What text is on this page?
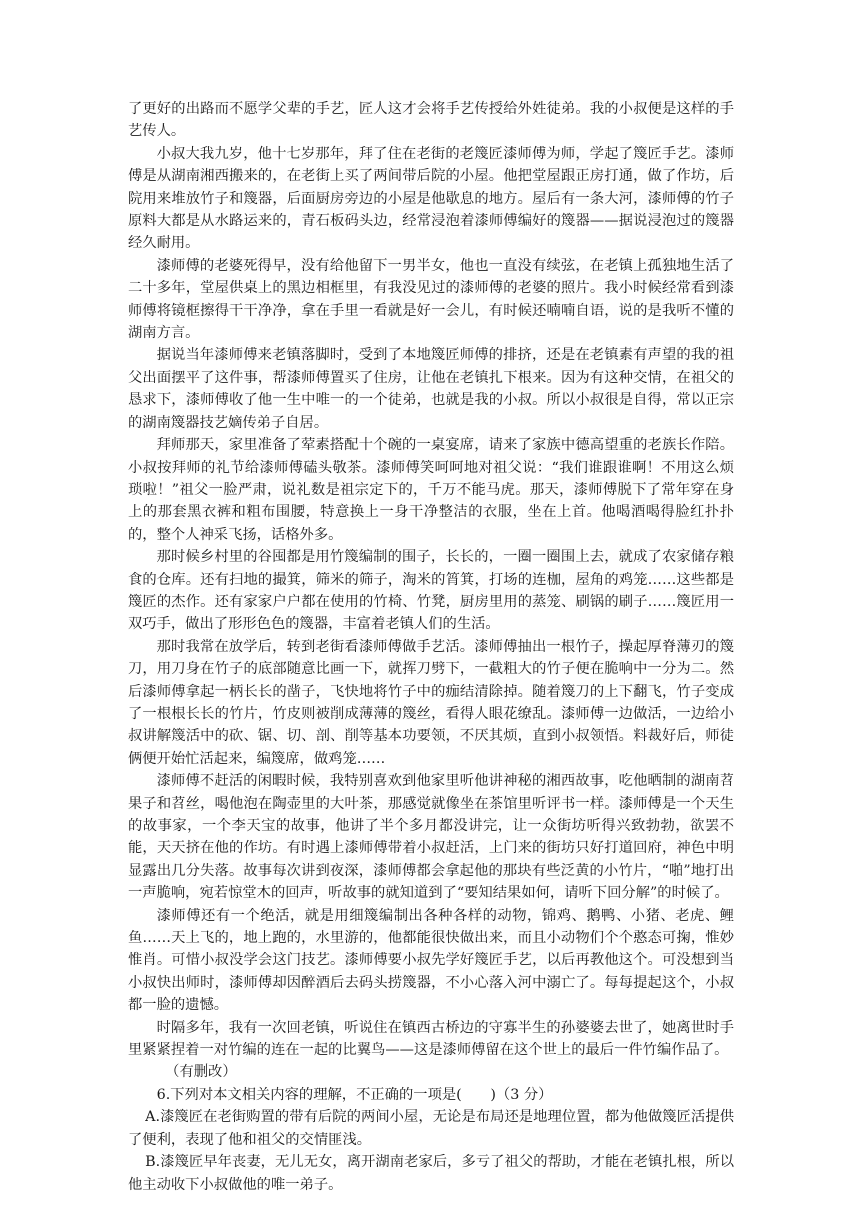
了更好的出路而不愿学父辈的手艺，匠人这才会将手艺传授给外姓徒弟。我的小叔便是这样的手艺传人。

小叔大我九岁，他十七岁那年，拜了住在老街的老篾匠漆师傅为师，学起了篾匠手艺。漆师傅是从湖南湘西搬来的，在老街上买了两间带后院的小屋。他把堂屋跟正房打通，做了作坊，后院用来堆放竹子和篾器，后面厨房旁边的小屋是他歇息的地方。屋后有一条大河，漆师傅的竹子原料大都是从水路运来的，青石板码头边，经常浸泡着漆师傅编好的篾器——据说浸泡过的篾器经久耐用。

漆师傅的老婆死得早，没有给他留下一男半女，他也一直没有续弦，在老镇上孤独地生活了二十多年，堂屋供桌上的黑边相框里，有我没见过的漆师傅的老婆的照片。我小时候经常看到漆师傅将镜框擦得干干净净，拿在手里一看就是好一会儿，有时候还喃喃自语，说的是我听不懂的湖南方言。

据说当年漆师傅来老镇落脚时，受到了本地篾匠师傅的排挤，还是在老镇素有声望的我的祖父出面摆平了这件事，帮漆师傅置买了住房，让他在老镇扎下根来。因为有这种交情，在祖父的恳求下，漆师傅收了他一生中唯一的一个徒弟，也就是我的小叔。所以小叔很是自得，常以正宗的湖南篾器技艺嫡传弟子自居。

拜师那天，家里准备了荤素搭配十个碗的一桌宴席，请来了家族中德高望重的老族长作陪。小叔按拜师的礼节给漆师傅磕头敬茶。漆师傅笑呵呵地对祖父说：“我们谁跟谁啊！不用这么烦琐啦！”祖父一脸严肃，说礼数是祖宗定下的，千万不能马虎。那天，漆师傅脱下了常年穿在身上的那套黑衣裤和粗布围腰，特意换上一身干净整洁的衣服，坐在上首。他喝酒喝得脸红扑扑的，整个人神采飞扬，话格外多。

那时候乡村里的谷囤都是用竹篾编制的围子，长长的，一圈一圈围上去，就成了农家储存粮食的仓库。还有扫地的撮箕，筛米的筛子，淘米的筲箕，打场的连枷，屋角的鸡笼……这些都是篾匠的杰作。还有家家户户都在使用的竹椅、竹凳，厨房里用的蒸笼、刷锅的刷子……篾匠用一双巧手，做出了形形色色的篾器，丰富着老镇人们的生活。

那时我常在放学后，转到老街看漆师傅做手艺活。漆师傅抽出一根竹子，操起厚脊薄刃的篾刀，用刀身在竹子的底部随意比画一下，就挥刀劈下，一截粗大的竹子便在脆响中一分为二。然后漆师傅拿起一柄长长的凿子，飞快地将竹子中的痂结清除掉。随着篾刀的上下翻飞，竹子变成了一根根长长的竹片，竹皮则被削成薄薄的篾丝，看得人眼花缭乱。漆师傅一边做活，一边给小叔讲解篾活中的砍、锯、切、剖、削等基本功要领，不厌其烦，直到小叔领悟。料裁好后，师徒俩便开始忙活起来，编篾席，做鸡笼……

漆师傅不赶活的闲暇时候，我特别喜欢到他家里听他讲神秘的湘西故事，吃他晒制的湖南苕果子和苕丝，喝他泡在陶壶里的大叶茶，那感觉就像坐在茶馆里听评书一样。漆师傅是一个天生的故事家，一个李天宝的故事，他讲了半个多月都没讲完，让一众街坊听得兴致勃勃，欲罢不能，天天挤在他的作坊。有时遇上漆师傅带着小叔赶活，上门来的街坊只好打道回府，神色中明显露出几分失落。故事每次讲到夜深，漆师傅都会拿起他的那块有些泛黄的小竹片，“啪”地打出一声脆响，宛若惊堂木的回声，听故事的就知道到了“要知结果如何，请听下回分解”的时候了。

漆师傅还有一个绝活，就是用细篾编制出各种各样的动物，锦鸡、鹅鸭、小猪、老虎、鲤鱼……天上飞的，地上跑的，水里游的，他都能很快做出来，而且小动物们个个憨态可掬，惟妙惟肖。可惜小叔没学会这门技艺。漆师傅要小叔先学好篾匠手艺，以后再教他这个。可没想到当小叔快出师时，漆师傅却因醉酒后去码头捞篾器，不小心落入河中溺亡了。每每提起这个，小叔都一脸的遗憾。

时隔多年，我有一次回老镇，听说住在镇西古桥边的守寡半生的孙婆婆去世了，她离世时手里紧紧捏着一对竹编的连在一起的比翼鸟——这是漆师傅留在这个世上的最后一件竹编作品了。

（有删改）

6.下列对本文相关内容的理解，不正确的一项是(　　)（3 分）

A.漆篾匠在老街购置的带有后院的两间小屋，无论是布局还是地理位置，都为他做篾匠活提供了便利，表现了他和祖父的交情匪浅。

B.漆篾匠早年丧妻，无儿无女，离开湖南老家后，多亏了祖父的帮助，才能在老镇扎根，所以他主动收下小叔做他的唯一弟子。
